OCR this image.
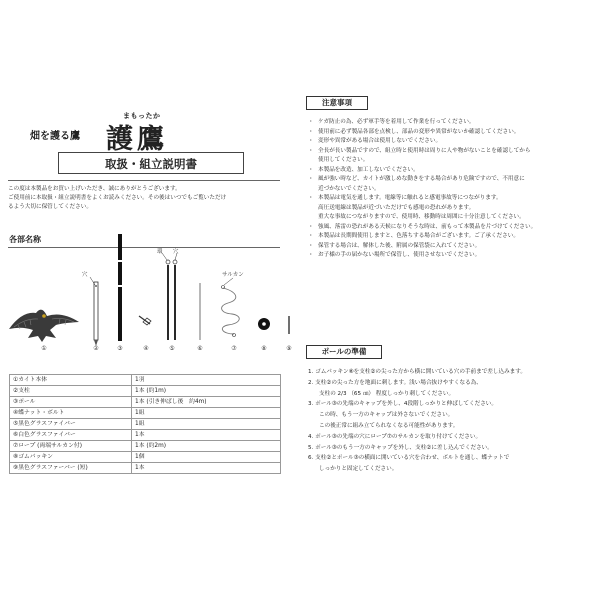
畑を護る鷹
まもったか
護鷹
取扱・組立説明書
この度は本製品をお買い上げいただき、誠にありがとうございます。
ご使用前に本取扱・組立説明書をよくお読みください。その後はいつでもご覧いただけ
るよう大切に保管してください。
各部名称
穴
環 穴
サルカン
①	②	③	④	⑤	⑥	⑦	⑧	⑨
①カイト本体	1羽
②支柱	1本 (約1m)
③ポール	1本 (引き伸ばし後　約4m)
④蝶ナット・ボルト	1組
⑤黒色グラスファイバー	1組
⑥白色グラスファイバー	1本
⑦ロープ (両端サルカン付)	1本 (約2m)
⑧ゴムパッキン	1個
⑨黒色グラスファーバー (短)	1本
注意事項
・ ケガ防止の為、必ず軍手等を着用して作業を行ってください。
・ 使用前に必ず製品各部を点検し、部品の変形や異常がないか確認してください。
・ 変形や異常がある場合は使用しないでください。
・ 全長が長い製品ですので、組立時と使用時は周りに人や物がないことを確認してから
使用してください。
・ 本製品を改造、加工しないでください。
・ 風が強い時など、カイトが激しめな動きをする場合があり危険ですので、不用意に
近づかないでください。
・ 本製品は電気を通します。電線等に触れると感電事故等につながります。
高圧送電線は製品が近づいただけでも感電の恐れがあります。
重大な事故につながりますので、使用時、移動時は周囲に十分注意してください。
・ 強風、落雷の恐れがある天候になりそうな時は、前もって本製品を片づけてください。
・ 本製品は長期間使用しますと、色落ちする場合がございます。ご了承ください。
・ 保管する場合は、解体した後、附属の保管袋に入れてください。
・ お子様の手の届かない場所で保管し、使用させないでください。
ポールの準備
1. ゴムパッキン⑧を支柱②の尖った方から横に開いている穴の手前まで差し込みます。
2. 支柱②の尖った方を地面に刺します。浅い場合抜けやすくなる為、
支柱の 2/3 （65 ㎝） 程度しっかり刺してください。
3. ポール③の先端のキャップを外し、4段階しっかりと伸ばしてください。
この時、もう一方のキャップは外さないでください。
この後正常に組み立てられなくなる可能性があります。
4. ポール③の先端の穴にロープ⑦のサルカンを取り付けてください。
5. ポール③のもう一方のキャップを外し、支柱②に差し込んでください。
6. 支柱②とポール③の横面に開いている穴を合わせ、ボルトを通し、蝶ナットで
しっかりと固定してください。
